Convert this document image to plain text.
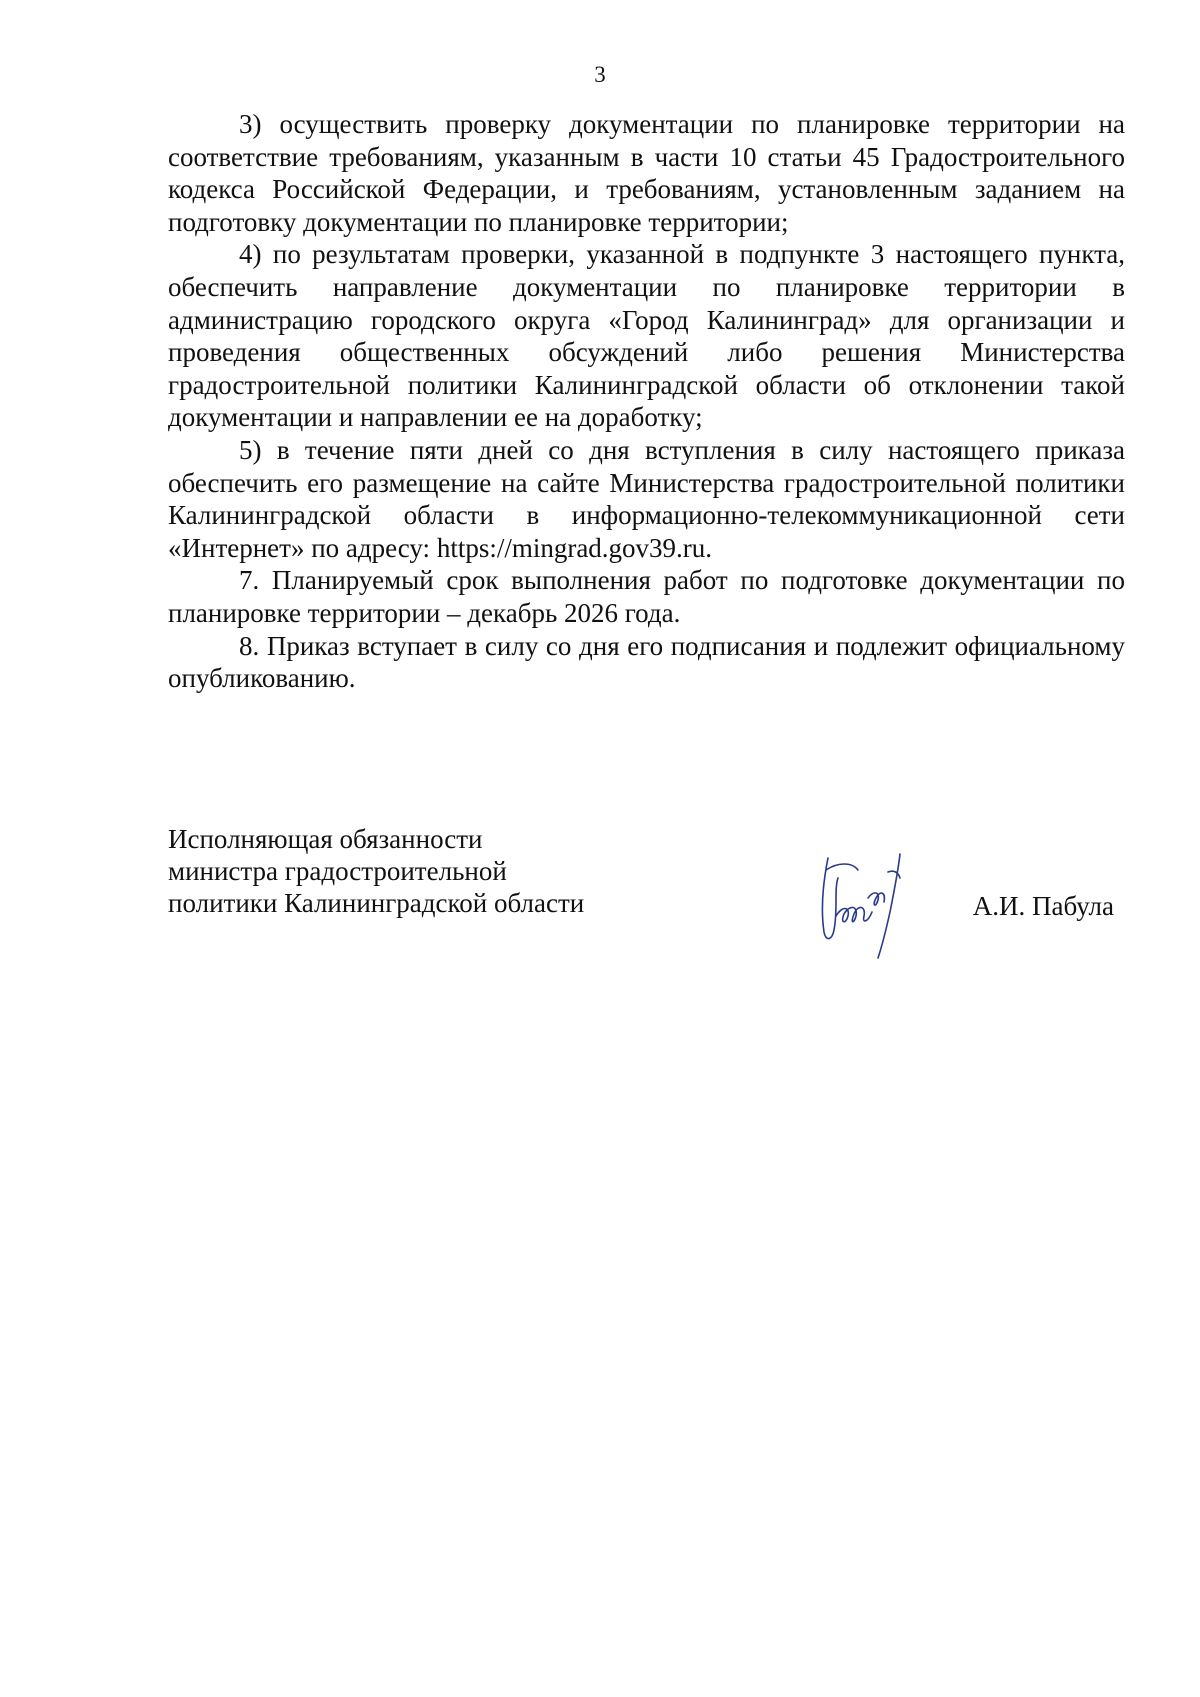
3

3) осуществить проверку документации по планировке территории на соответствие требованиям, указанным в части 10 статьи 45 Градостроительного кодекса Российской Федерации, и требованиям, установленным заданием на подготовку документации по планировке территории;

4) по результатам проверки, указанной в подпункте 3 настоящего пункта, обеспечить направление документации по планировке территории в администрацию городского округа «Город Калининград» для организации и проведения общественных обсуждений либо решения Министерства градостроительной политики Калининградской области об отклонении такой документации и направлении ее на доработку;

5) в течение пяти дней со дня вступления в силу настоящего приказа обеспечить его размещение на сайте Министерства градостроительной политики Калининградской области в информационно-телекоммуникационной сети «Интернет» по адресу: https://mingrad.gov39.ru.

7. Планируемый срок выполнения работ по подготовке документации по планировке территории – декабрь 2026 года.

8. Приказ вступает в силу со дня его подписания и подлежит официальному опубликованию.

Исполняющая обязанности
министра градостроительной
политики Калининградской области	А.И. Пабула
